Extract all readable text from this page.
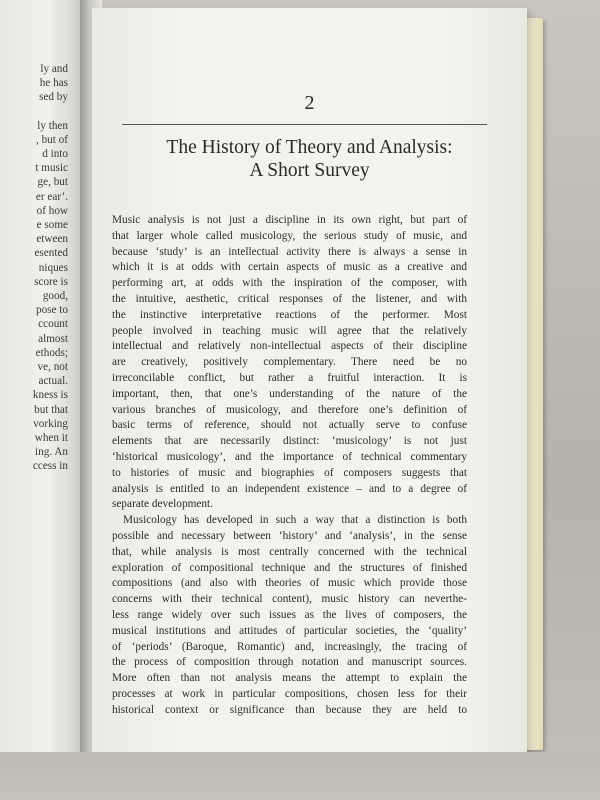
ly and
he has
sed by
ly then
, but of
d into
t music
ge, but
er ear’.
of how
e some
etween
esented
niques
score is
good,
pose to
ccount
almost
ethods;
ve, not
actual.
kness is
but that
vorking
when it
ing. An
ccess in
2
The History of Theory and Analysis:
A Short Survey
Music analysis is not just a discipline in its own right, but part of
that larger whole called musicology, the serious study of music, and
because ‘study’ is an intellectual activity there is always a sense in
which it is at odds with certain aspects of music as a creative and
performing art, at odds with the inspiration of the composer, with
the intuitive, aesthetic, critical responses of the listener, and with
the instinctive interpretative reactions of the performer. Most
people involved in teaching music will agree that the relatively
intellectual and relatively non-intellectual aspects of their discipline
are creatively, positively complementary. There need be no
irreconcilable conflict, but rather a fruitful interaction. It is
important, then, that one’s understanding of the nature of the
various branches of musicology, and therefore one’s definition of
basic terms of reference, should not actually serve to confuse
elements that are necessarily distinct: ‘musicology’ is not just
‘historical musicology’, and the importance of technical commentary
to histories of music and biographies of composers suggests that
analysis is entitled to an independent existence – and to a degree of
separate development.
Musicology has developed in such a way that a distinction is both
possible and necessary between ‘history’ and ‘analysis’, in the sense
that, while analysis is most centrally concerned with the technical
exploration of compositional technique and the structures of finished
compositions (and also with theories of music which provide those
concerns with their technical content), music history can neverthe-
less range widely over such issues as the lives of composers, the
musical institutions and attitudes of particular societies, the ‘quality’
of ‘periods’ (Baroque, Romantic) and, increasingly, the tracing of
the process of composition through notation and manuscript sources.
More often than not analysis means the attempt to explain the
processes at work in particular compositions, chosen less for their
historical context or significance than because they are held to
